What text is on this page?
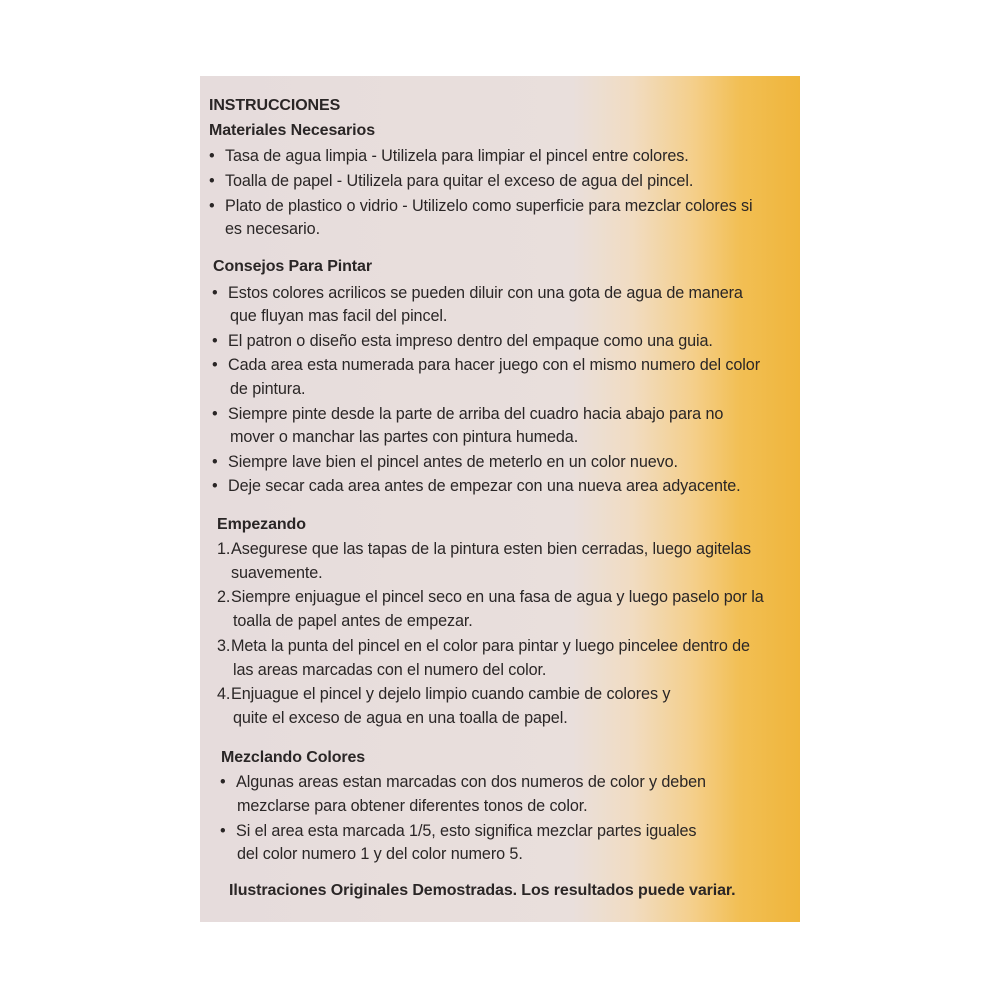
INSTRUCCIONES
Materiales Necesarios
• Tasa de agua limpia - Utilizela para limpiar el pincel entre colores.
• Toalla de papel - Utilizela para quitar el exceso de agua del pincel.
• Plato de plastico o vidrio - Utilizelo como superficie para mezclar colores si
es necesario.
Consejos Para Pintar
• Estos colores acrilicos se pueden diluir con una gota de agua de manera
que fluyan mas facil del pincel.
• El patron o diseño esta impreso dentro del empaque como una guia.
• Cada area esta numerada para hacer juego con el mismo numero del color
de pintura.
• Siempre pinte desde la parte de arriba del cuadro hacia abajo para no
mover o manchar las partes con pintura humeda.
• Siempre lave bien el pincel antes de meterlo en un color nuevo.
• Deje secar cada area antes de empezar con una nueva area adyacente.
Empezando
1.Asegurese que las tapas de la pintura esten bien cerradas, luego agitelas
suavemente.
2.Siempre enjuague el pincel seco en una fasa de agua y luego paselo por la
toalla de papel antes de empezar.
3.Meta la punta del pincel en el color para pintar y luego pincelee dentro de
las areas marcadas con el numero del color.
4.Enjuague el pincel y dejelo limpio cuando cambie de colores y
quite el exceso de agua en una toalla de papel.
Mezclando Colores
• Algunas areas estan marcadas con dos numeros de color y deben
mezclarse para obtener diferentes tonos de color.
• Si el area esta marcada 1/5, esto significa mezclar partes iguales
del color numero 1 y del color numero 5.
Ilustraciones Originales Demostradas. Los resultados puede variar.
